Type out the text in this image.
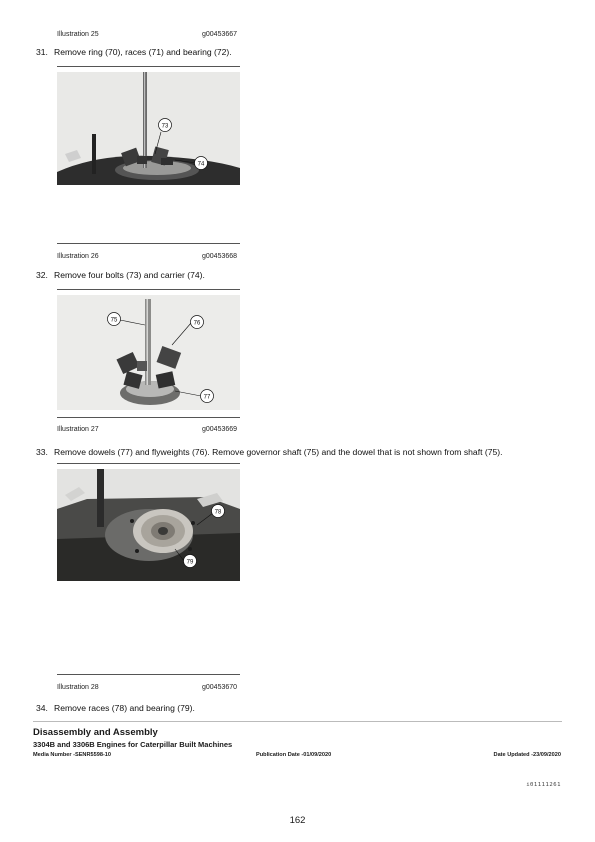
Illustration 25	g00453667
31. Remove ring (70), races (71) and bearing (72).
73
74
Illustration 26	g00453668
32. Remove four bolts (73) and carrier (74).
75	76
77
Illustration 27	g00453669
33. Remove dowels (77) and flyweights (76). Remove governor shaft (75) and the dowel that is not shown from shaft (75).
78
79
Illustration 28	g00453670
34. Remove races (78) and bearing (79).
Disassembly and Assembly
3304B and 3306B Engines for Caterpillar Built Machines
Media Number -SENR5598-10	Publication Date -01/09/2020	Date Updated -23/09/2020
i01111261
162
